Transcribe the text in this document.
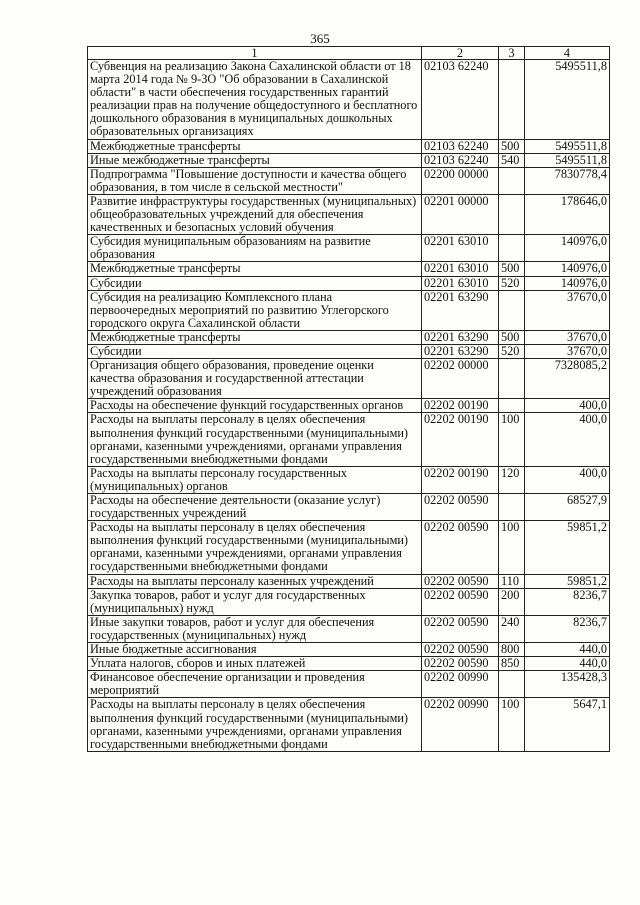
365
1	2	3	4
Субвенция на реализацию Закона Сахалинской области от 18 марта 2014 года № 9-ЗО "Об образовании в Сахалинской области" в части обеспечения государственных гарантий реализации прав на получение общедоступного и бесплатного дошкольного образования в муниципальных дошкольных образовательных организациях	02103 62240		5495511,8
Межбюджетные трансферты	02103 62240	500	5495511,8
Иные межбюджетные трансферты	02103 62240	540	5495511,8
Подпрограмма "Повышение доступности и качества общего образования, в том числе в сельской местности"	02200 00000		7830778,4
Развитие инфраструктуры государственных (муниципальных) общеобразовательных учреждений для обеспечения качественных и безопасных условий обучения	02201 00000		178646,0
Субсидия муниципальным образованиям на развитие образования	02201 63010		140976,0
Межбюджетные трансферты	02201 63010	500	140976,0
Субсидии	02201 63010	520	140976,0
Субсидия на реализацию Комплексного плана первоочередных мероприятий по развитию Углегорского городского округа Сахалинской области	02201 63290		37670,0
Межбюджетные трансферты	02201 63290	500	37670,0
Субсидии	02201 63290	520	37670,0
Организация общего образования, проведение оценки качества образования и государственной аттестации учреждений образования	02202 00000		7328085,2
Расходы на обеспечение функций государственных органов	02202 00190		400,0
Расходы на выплаты персоналу в целях обеспечения выполнения функций государственными (муниципальными) органами, казенными учреждениями, органами управления государственными внебюджетными фондами	02202 00190	100	400,0
Расходы на выплаты персоналу государственных (муниципальных) органов	02202 00190	120	400,0
Расходы на обеспечение деятельности (оказание услуг) государственных учреждений	02202 00590		68527,9
Расходы на выплаты персоналу в целях обеспечения выполнения функций государственными (муниципальными) органами, казенными учреждениями, органами управления государственными внебюджетными фондами	02202 00590	100	59851,2
Расходы на выплаты персоналу казенных учреждений	02202 00590	110	59851,2
Закупка товаров, работ и услуг для государственных (муниципальных) нужд	02202 00590	200	8236,7
Иные закупки товаров, работ и услуг для обеспечения государственных (муниципальных) нужд	02202 00590	240	8236,7
Иные бюджетные ассигнования	02202 00590	800	440,0
Уплата налогов, сборов и иных платежей	02202 00590	850	440,0
Финансовое обеспечение организации и проведения мероприятий	02202 00990		135428,3
Расходы на выплаты персоналу в целях обеспечения выполнения функций государственными (муниципальными) органами, казенными учреждениями, органами управления государственными внебюджетными фондами	02202 00990	100	5647,1
